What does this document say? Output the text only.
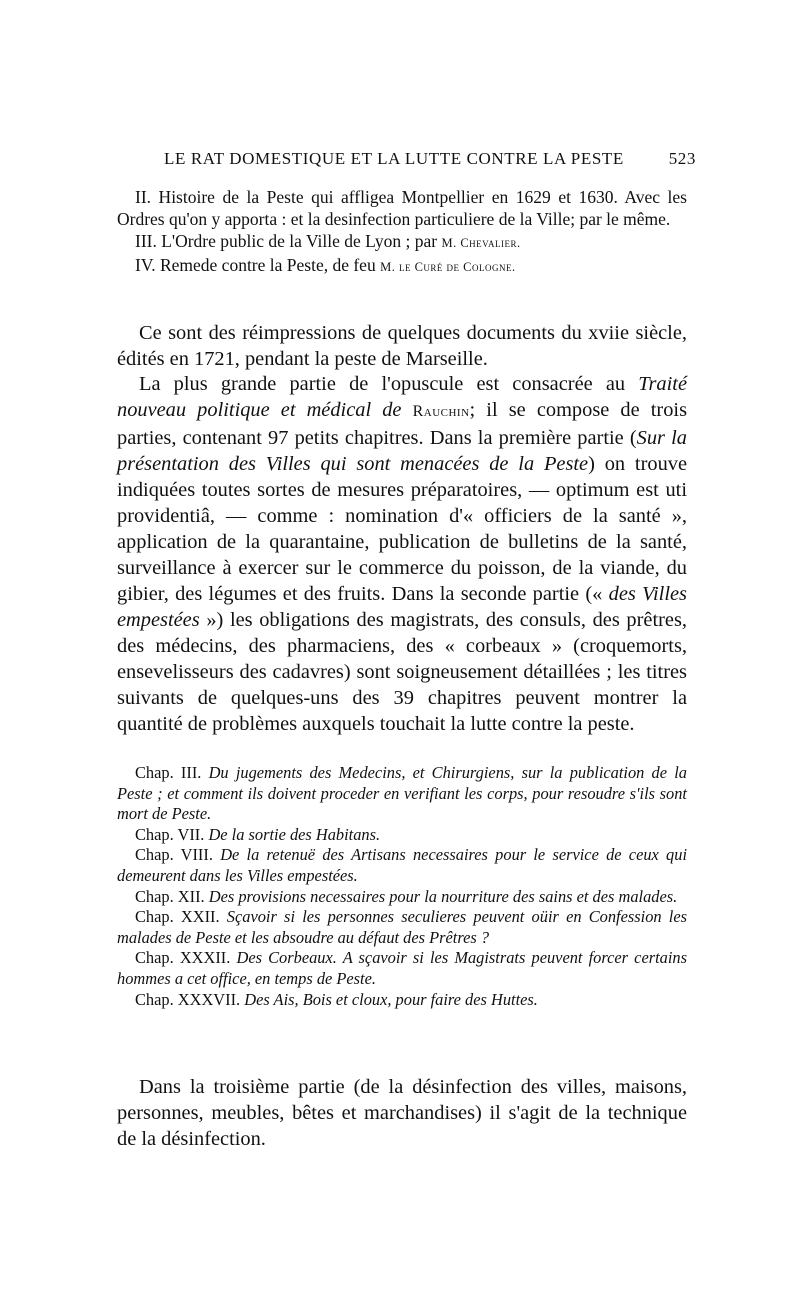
LE RAT DOMESTIQUE ET LA LUTTE CONTRE LA PESTE	523
II. Histoire de la Peste qui affligea Montpellier en 1629 et 1630. Avec les Ordres qu'on y apporta : et la desinfection particuliere de la Ville; par le même.
III. L'Ordre public de la Ville de Lyon ; par M. Chevalier.
IV. Remede contre la Peste, de feu M. le Curé de Cologne.

Ce sont des réimpressions de quelques documents du xviie siècle, édités en 1721, pendant la peste de Marseille.

La plus grande partie de l'opuscule est consacrée au Traité nouveau politique et médical de Rauchin; il se compose de trois parties, contenant 97 petits chapitres. Dans la première partie (Sur la présentation des Villes qui sont menacées de la Peste) on trouve indiquées toutes sortes de mesures préparatoires, — optimum est uti providentiâ, — comme : nomination d'« officiers de la santé », application de la quarantaine, publication de bulletins de la santé, surveillance à exercer sur le commerce du poisson, de la viande, du gibier, des légumes et des fruits. Dans la seconde partie (« des Villes empestées ») les obligations des magistrats, des consuls, des prêtres, des médecins, des pharmaciens, des « corbeaux » (croquemorts, ensevelisseurs des cadavres) sont soigneusement détaillées ; les titres suivants de quelques-uns des 39 chapitres peuvent montrer la quantité de problèmes auxquels touchait la lutte contre la peste.

Chap. III. Du jugements des Medecins, et Chirurgiens, sur la publication de la Peste ; et comment ils doivent proceder en verifiant les corps, pour resoudre s'ils sont mort de Peste.
Chap. VII. De la sortie des Habitans.
Chap. VIII. De la retenuë des Artisans necessaires pour le service de ceux qui demeurent dans les Villes empestées.
Chap. XII. Des provisions necessaires pour la nourriture des sains et des malades.
Chap. XXII. Sçavoir si les personnes seculieres peuvent oüir en Confession les malades de Peste et les absoudre au défaut des Prêtres ?
Chap. XXXII. Des Corbeaux. A sçavoir si les Magistrats peuvent forcer certains hommes a cet office, en temps de Peste.
Chap. XXXVII. Des Ais, Bois et cloux, pour faire des Huttes.

Dans la troisième partie (de la désinfection des villes, maisons, personnes, meubles, bêtes et marchandises) il s'agit de la technique de la désinfection.
